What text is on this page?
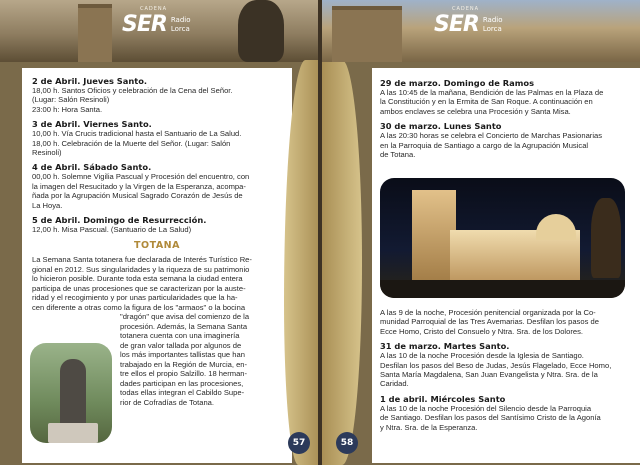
CADENA
SER Radio
Lorca
CADENA
SER Radio
Lorca
2 de Abril. Jueves Santo.
18,00 h. Santos Oficios y celebración de la Cena del Señor.
(Lugar: Salón Resinoli)
23:00 h: Hora Santa.
3 de Abril. Viernes Santo.
10,00 h. Vía Crucis tradicional hasta el Santuario de La Salud.
18,00 h. Celebración de la Muerte del Señor. (Lugar: Salón
Resinoli)
4 de Abril. Sábado Santo.
00,00 h. Solemne Vigilia Pascual y Procesión del encuentro, con
la imagen del Resucitado y la Virgen de la Esperanza, acompa-
ñada por la Agrupación Musical Sagrado Corazón de Jesús de
La Hoya.
5 de Abril. Domingo de Resurrección.
12,00 h. Misa Pascual. (Santuario de La Salud)
TOTANA
La Semana Santa totanera fue declarada de Interés Turístico Re-
gional en 2012. Sus singularidades y la riqueza de su patrimonio
lo hicieron posible. Durante toda esta semana la ciudad entera
participa de unas procesiones que se caracterizan por la auste-
ridad y el recogimiento y por unas particularidades que la ha-
cen diferente a otras como la figura de los "armaos" o la bocina
"dragón" que avisa del comienzo de la
procesión. Además, la Semana Santa
totanera cuenta con una imaginería
de gran valor tallada por algunos de
los más importantes tallistas que han
trabajado en la Región de Murcia, en-
tre ellos el propio Salzillo. 18 herman-
dades participan en las procesiones,
todas ellas integran el Cabildo Supe-
rior de Cofradías de Totana.
29 de marzo. Domingo de Ramos
A las 10:45 de la mañana, Bendición de las Palmas en la Plaza de
la Constitución y en la Ermita de San Roque. A continuación en
ambos enclaves se celebra una Procesión y Santa Misa.
30 de marzo. Lunes Santo
A las 20:30 horas se celebra el Concierto de Marchas Pasionarias
en la Parroquia de Santiago a cargo de la Agrupación Musical
de Totana.
A las 9 de la noche, Procesión penitencial organizada por la Co-
munidad Parroquial de las Tres Avemarias. Desfilan los pasos de
Ecce Homo, Cristo del Consuelo y Ntra. Sra. de los Dolores.
31 de marzo. Martes Santo.
A las 10 de la noche Procesión desde la Iglesia de Santiago.
Desfilan los pasos del Beso de Judas, Jesús Flagelado, Ecce Homo,
Santa María Magdalena, San Juan Evangelista y Ntra. Sra. de la
Caridad.
1 de abril. Miércoles Santo
A las 10 de la noche Procesión del Silencio desde la Parroquia
de Santiago. Desfilan los pasos del Santísimo Cristo de la Agonía
y Ntra. Sra. de la Esperanza.
57	58
